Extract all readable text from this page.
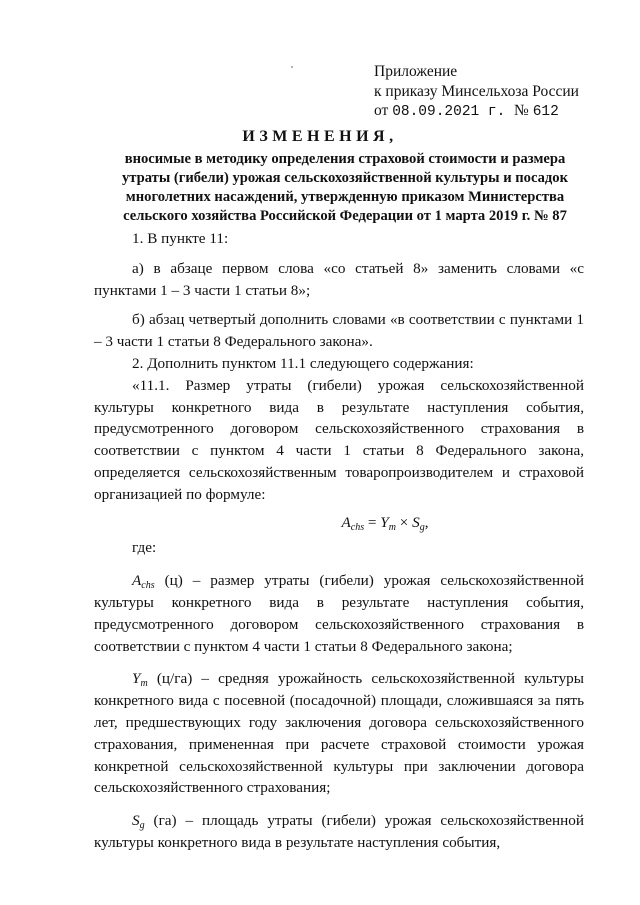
Приложение
к приказу Минсельхоза России
от 08.09.2021 г. № 612
ИЗМЕНЕНИЯ,
вносимые в методику определения страховой стоимости и размера утраты (гибели) урожая сельскохозяйственной культуры и посадок многолетних насаждений, утвержденную приказом Министерства сельского хозяйства Российской Федерации от 1 марта 2019 г. № 87

1. В пункте 11:

а) в абзаце первом слова «со статьей 8» заменить словами «с пунктами 1 – 3 части 1 статьи 8»;

б) абзац четвертый дополнить словами «в соответствии с пунктами 1 – 3 части 1 статьи 8 Федерального закона».

2. Дополнить пунктом 11.1 следующего содержания:

«11.1. Размер утраты (гибели) урожая сельскохозяйственной культуры конкретного вида в результате наступления события, предусмотренного договором сельскохозяйственного страхования в соответствии с пунктом 4 части 1 статьи 8 Федерального закона, определяется сельскохозяйственным товаропроизводителем и страховой организацией по формуле:

$A_{chs} = Y_m \times S_g$,

где:

$A_{chs}$ (ц) – размер утраты (гибели) урожая сельскохозяйственной культуры конкретного вида в результате наступления события, предусмотренного договором сельскохозяйственного страхования в соответствии с пунктом 4 части 1 статьи 8 Федерального закона;

$Y_m$ (ц/га) – средняя урожайность сельскохозяйственной культуры конкретного вида с посевной (посадочной) площади, сложившаяся за пять лет, предшествующих году заключения договора сельскохозяйственного страхования, примененная при расчете страховой стоимости урожая конкретной сельскохозяйственной культуры при заключении договора сельскохозяйственного страхования;

$S_g$ (га) – площадь утраты (гибели) урожая сельскохозяйственной культуры конкретного вида в результате наступления события,
